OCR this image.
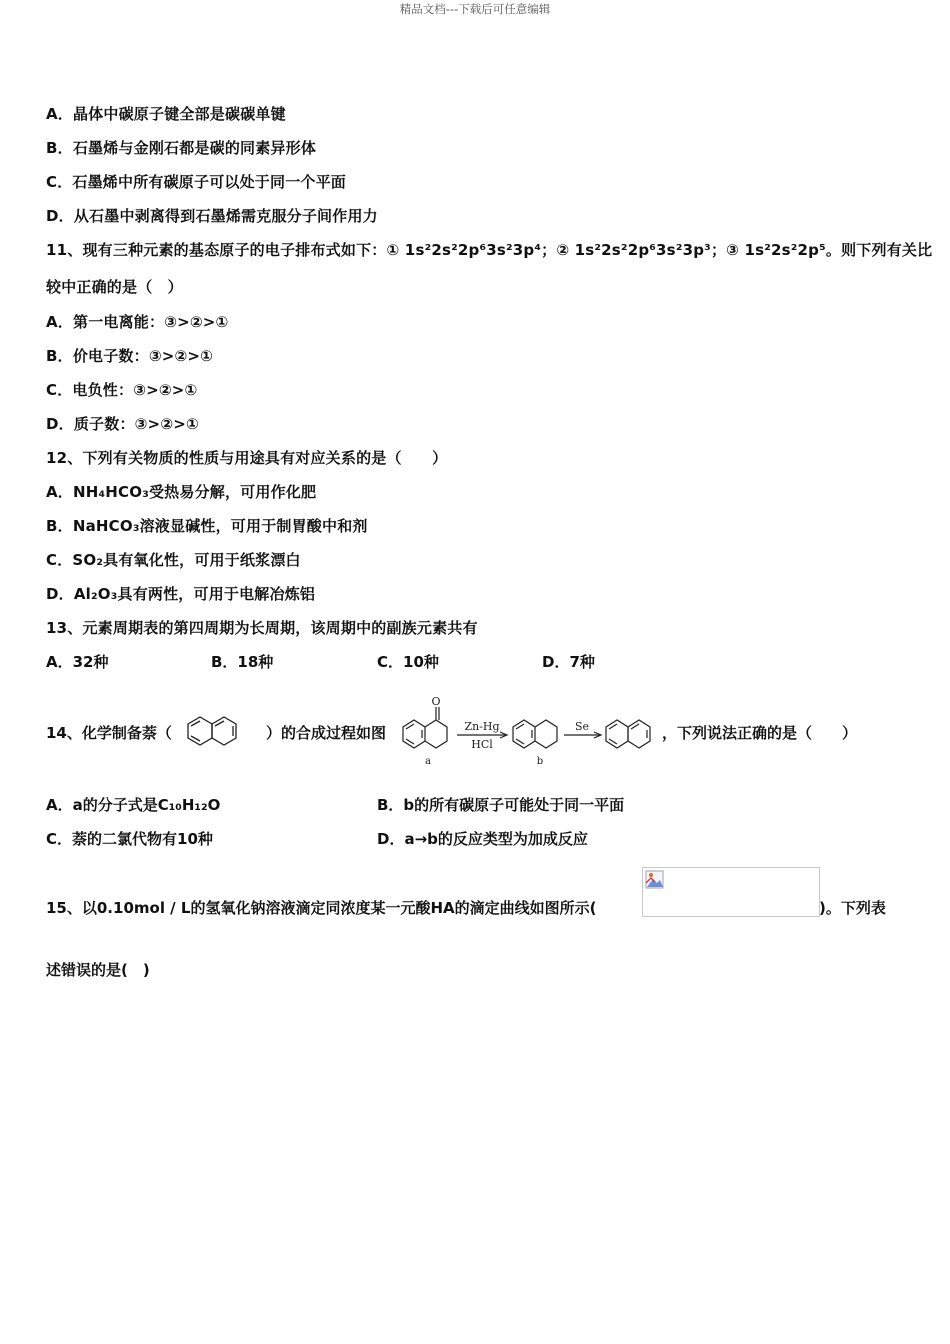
精品文档---下载后可任意编辑
A．晶体中碳原子键全部是碳碳单键
B．石墨烯与金刚石都是碳的同素异形体
C．石墨烯中所有碳原子可以处于同一个平面
D．从石墨中剥离得到石墨烯需克服分子间作用力
11、现有三种元素的基态原子的电子排布式如下：① 1s²2s²2p⁶3s²3p⁴；② 1s²2s²2p⁶3s²3p³；③ 1s²2s²2p⁵。则下列有关比
较中正确的是（　）
A．第一电离能：③>②>①
B．价电子数：③>②>①
C．电负性：③>②>①
D．质子数：③>②>①
12、下列有关物质的性质与用途具有对应关系的是（　　）
A．NH₄HCO₃受热易分解，可用作化肥
B．NaHCO₃溶液显碱性，可用于制胃酸中和剂
C．SO₂具有氧化性，可用于纸浆漂白
D．Al₂O₃具有两性，可用于电解冶炼铝
13、元素周期表的第四周期为长周期，该周期中的副族元素共有
A．32种	B．18种	C．10种	D．7种
14、化学制备萘（	）的合成过程如图
O
Zn-Hg
HCl
Se
a	b
，下列说法正确的是（　　）
A．a的分子式是C₁₀H₁₂O	B．b的所有碳原子可能处于同一平面
C．萘的二氯代物有10种	D．a→b的反应类型为加成反应
15、以0.10mol / L的氢氧化钠溶液滴定同浓度某一元酸HA的滴定曲线如图所示(	)。下列表
述错误的是(　)
